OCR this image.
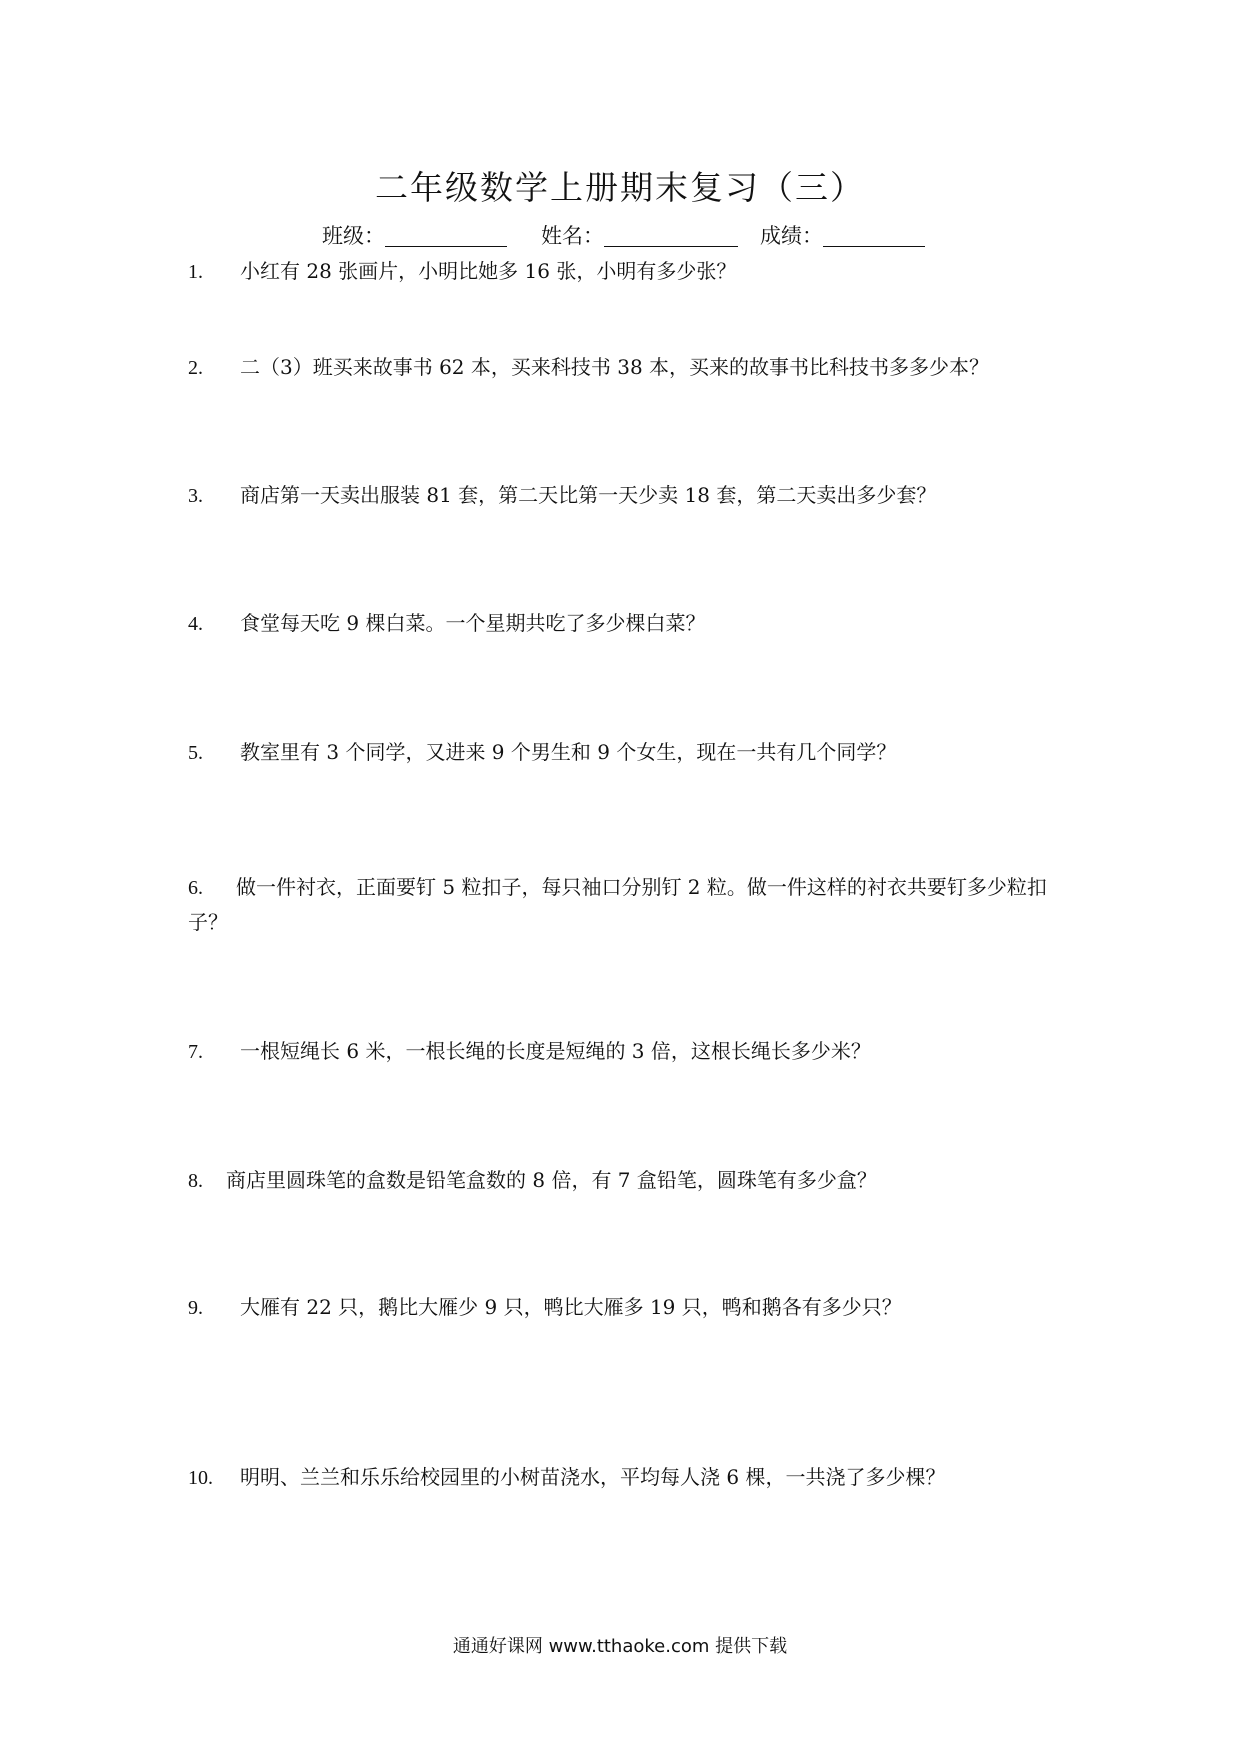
二年级数学上册期末复习（三）
班级：	姓名：	成绩：
1. 小红有 28 张画片，小明比她多 16 张，小明有多少张？
2. 二（3）班买来故事书 62 本，买来科技书 38 本，买来的故事书比科技书多多少本？
3. 商店第一天卖出服装 81 套，第二天比第一天少卖 18 套，第二天卖出多少套？
4. 食堂每天吃 9 棵白菜。一个星期共吃了多少棵白菜？
5. 教室里有 3 个同学，又进来 9 个男生和 9 个女生，现在一共有几个同学？
6. 做一件衬衣，正面要钉 5 粒扣子，每只袖口分别钉 2 粒。做一件这样的衬衣共要钉多少粒扣子？
7. 一根短绳长 6 米，一根长绳的长度是短绳的 3 倍，这根长绳长多少米？
8. 商店里圆珠笔的盒数是铅笔盒数的 8 倍，有 7 盒铅笔，圆珠笔有多少盒？
9. 大雁有 22 只，鹅比大雁少 9 只，鸭比大雁多 19 只，鸭和鹅各有多少只？
10. 明明、兰兰和乐乐给校园里的小树苗浇水，平均每人浇 6 棵，一共浇了多少棵？
通通好课网 www.tthaoke.com 提供下载
